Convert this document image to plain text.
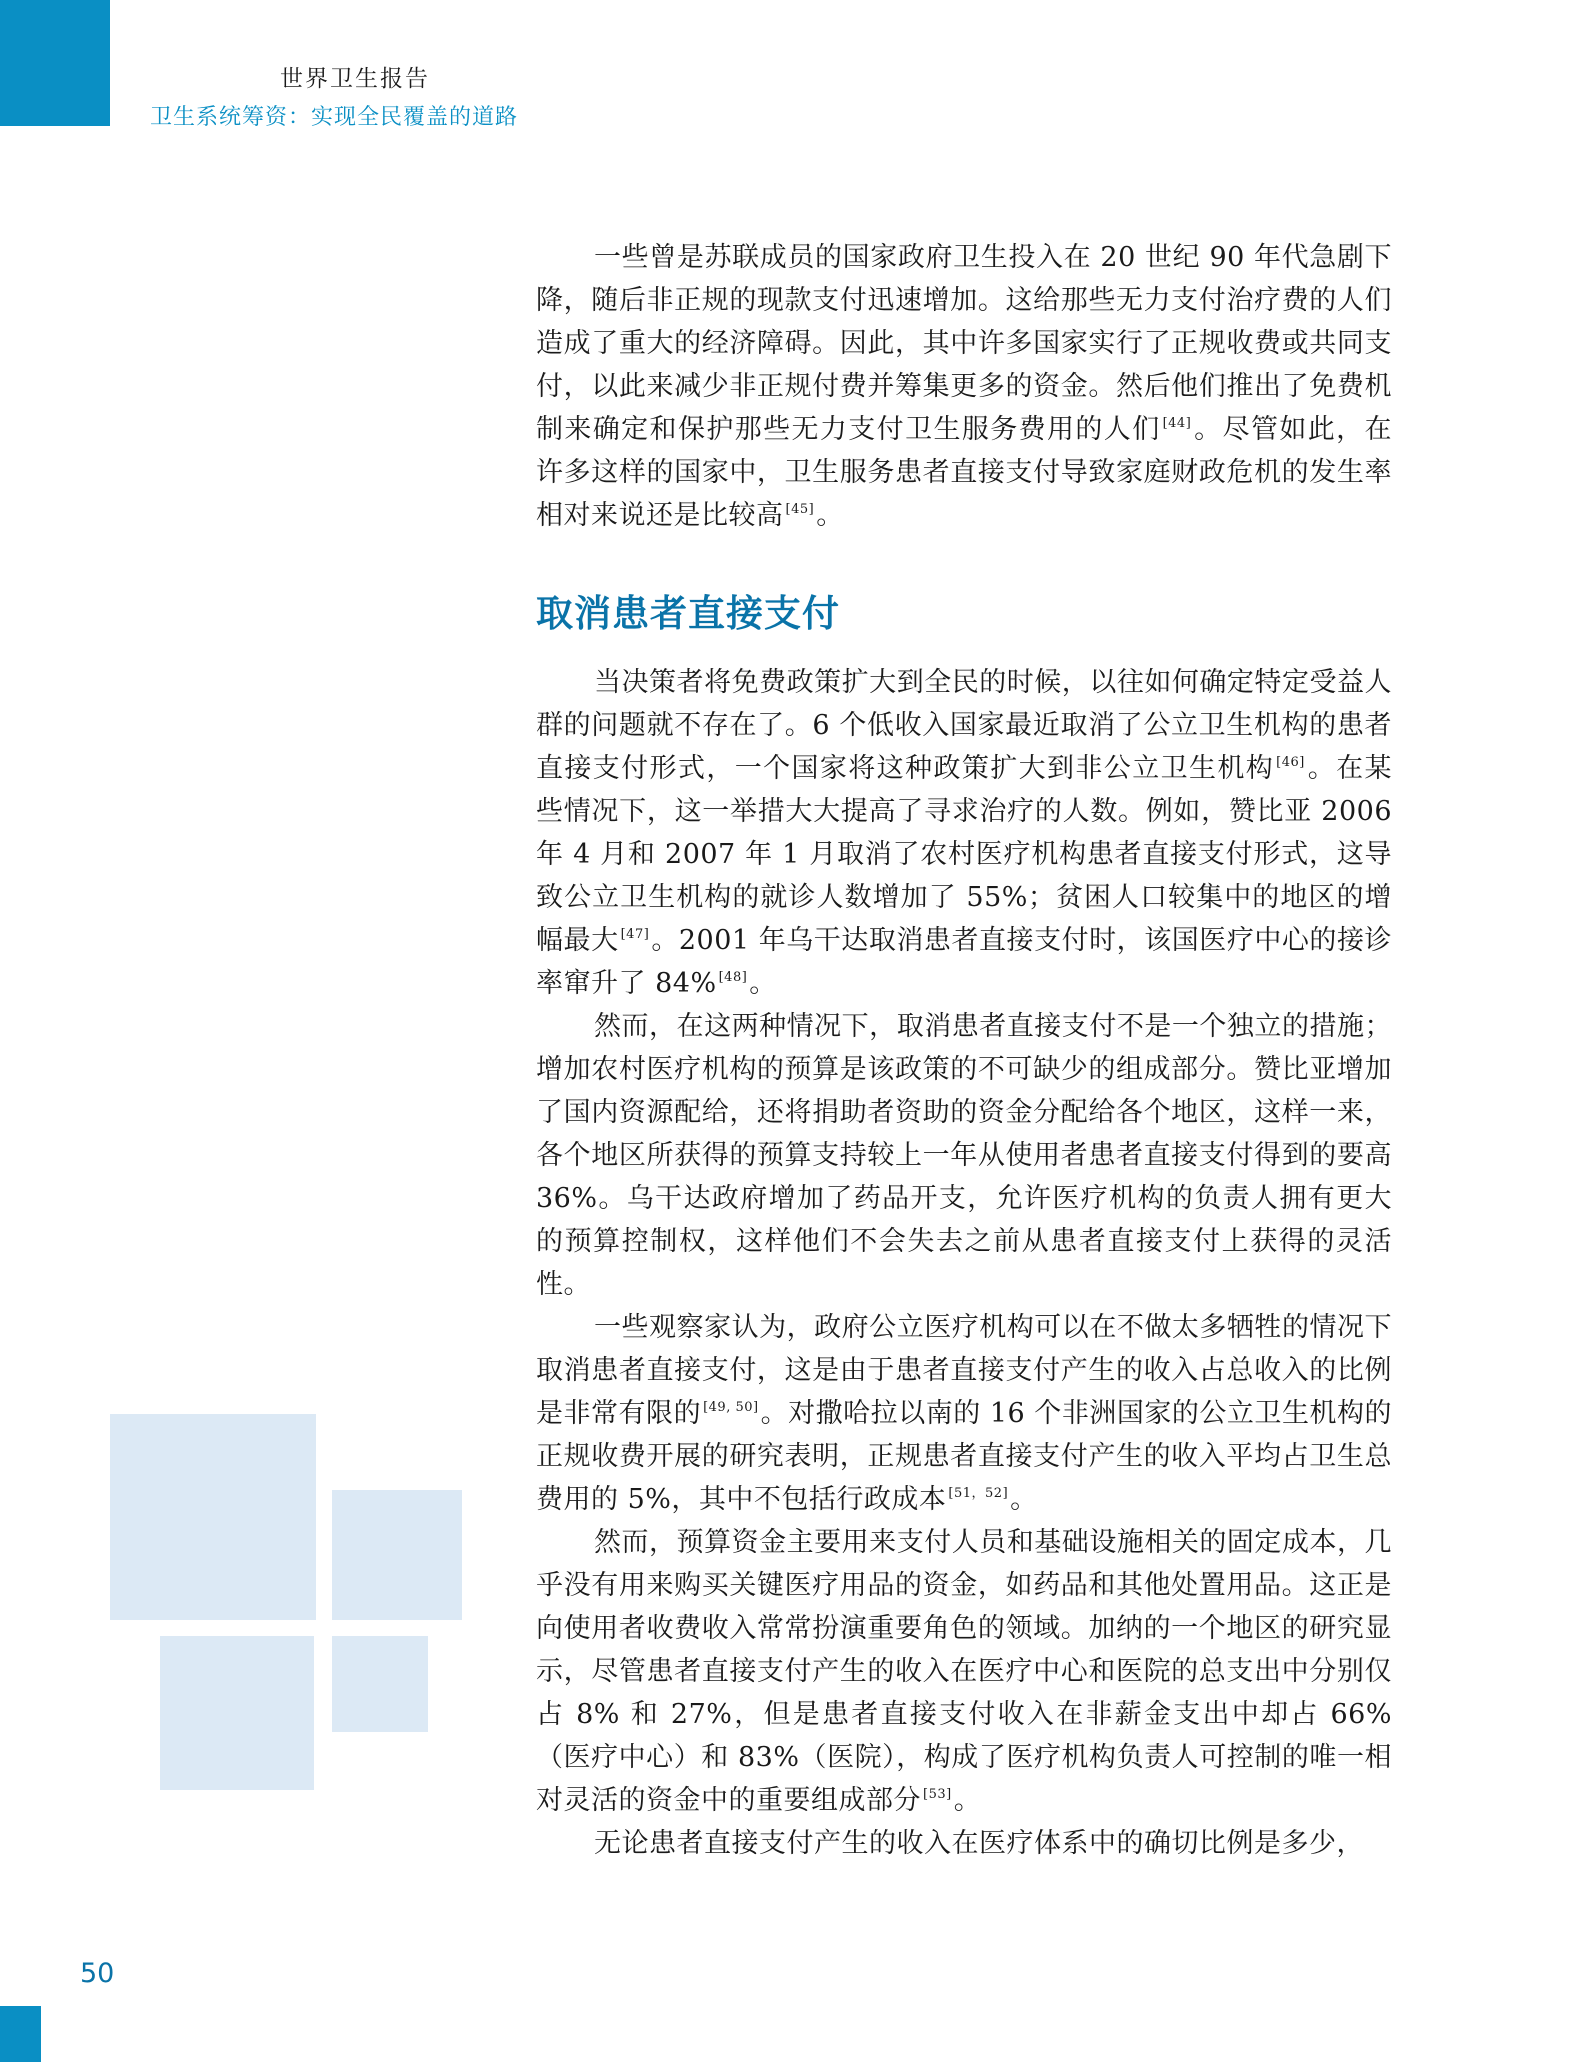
世界卫生报告
卫生系统筹资：实现全民覆盖的道路

一些曾是苏联成员的国家政府卫生投入在 20 世纪 90 年代急剧下降，随后非正规的现款支付迅速增加。这给那些无力支付治疗费的人们造成了重大的经济障碍。因此，其中许多国家实行了正规收费或共同支付，以此来减少非正规付费并筹集更多的资金。然后他们推出了免费机制来确定和保护那些无力支付卫生服务费用的人们 [44]。尽管如此，在许多这样的国家中，卫生服务患者直接支付导致家庭财政危机的发生率相对来说还是比较高 [45]。

取消患者直接支付

当决策者将免费政策扩大到全民的时候，以往如何确定特定受益人群的问题就不存在了。6 个低收入国家最近取消了公立卫生机构的患者直接支付形式，一个国家将这种政策扩大到非公立卫生机构 [46]。在某些情况下，这一举措大大提高了寻求治疗的人数。例如，赞比亚 2006 年 4 月和 2007 年 1 月取消了农村医疗机构患者直接支付形式，这导致公立卫生机构的就诊人数增加了 55%；贫困人口较集中的地区的增幅最大 [47]。2001 年乌干达取消患者直接支付时，该国医疗中心的接诊率窜升了 84% [48]。

然而，在这两种情况下，取消患者直接支付不是一个独立的措施；增加农村医疗机构的预算是该政策的不可缺少的组成部分。赞比亚增加了国内资源配给，还将捐助者资助的资金分配给各个地区，这样一来，各个地区所获得的预算支持较上一年从使用者患者直接支付得到的要高 36%。乌干达政府增加了药品开支，允许医疗机构的负责人拥有更大的预算控制权，这样他们不会失去之前从患者直接支付上获得的灵活性。

一些观察家认为，政府公立医疗机构可以在不做太多牺牲的情况下取消患者直接支付，这是由于患者直接支付产生的收入占总收入的比例是非常有限的 [49, 50]。对撒哈拉以南的 16 个非洲国家的公立卫生机构的正规收费开展的研究表明，正规患者直接支付产生的收入平均占卫生总费用的 5%，其中不包括行政成本 [51，52]。

然而，预算资金主要用来支付人员和基础设施相关的固定成本，几乎没有用来购买关键医疗用品的资金，如药品和其他处置用品。这正是向使用者收费收入常常扮演重要角色的领域。加纳的一个地区的研究显示，尽管患者直接支付产生的收入在医疗中心和医院的总支出中分别仅占 8% 和 27%，但是患者直接支付收入在非薪金支出中却占 66%（医疗中心）和 83%（医院），构成了医疗机构负责人可控制的唯一相对灵活的资金中的重要组成部分 [53]。

无论患者直接支付产生的收入在医疗体系中的确切比例是多少，

50
